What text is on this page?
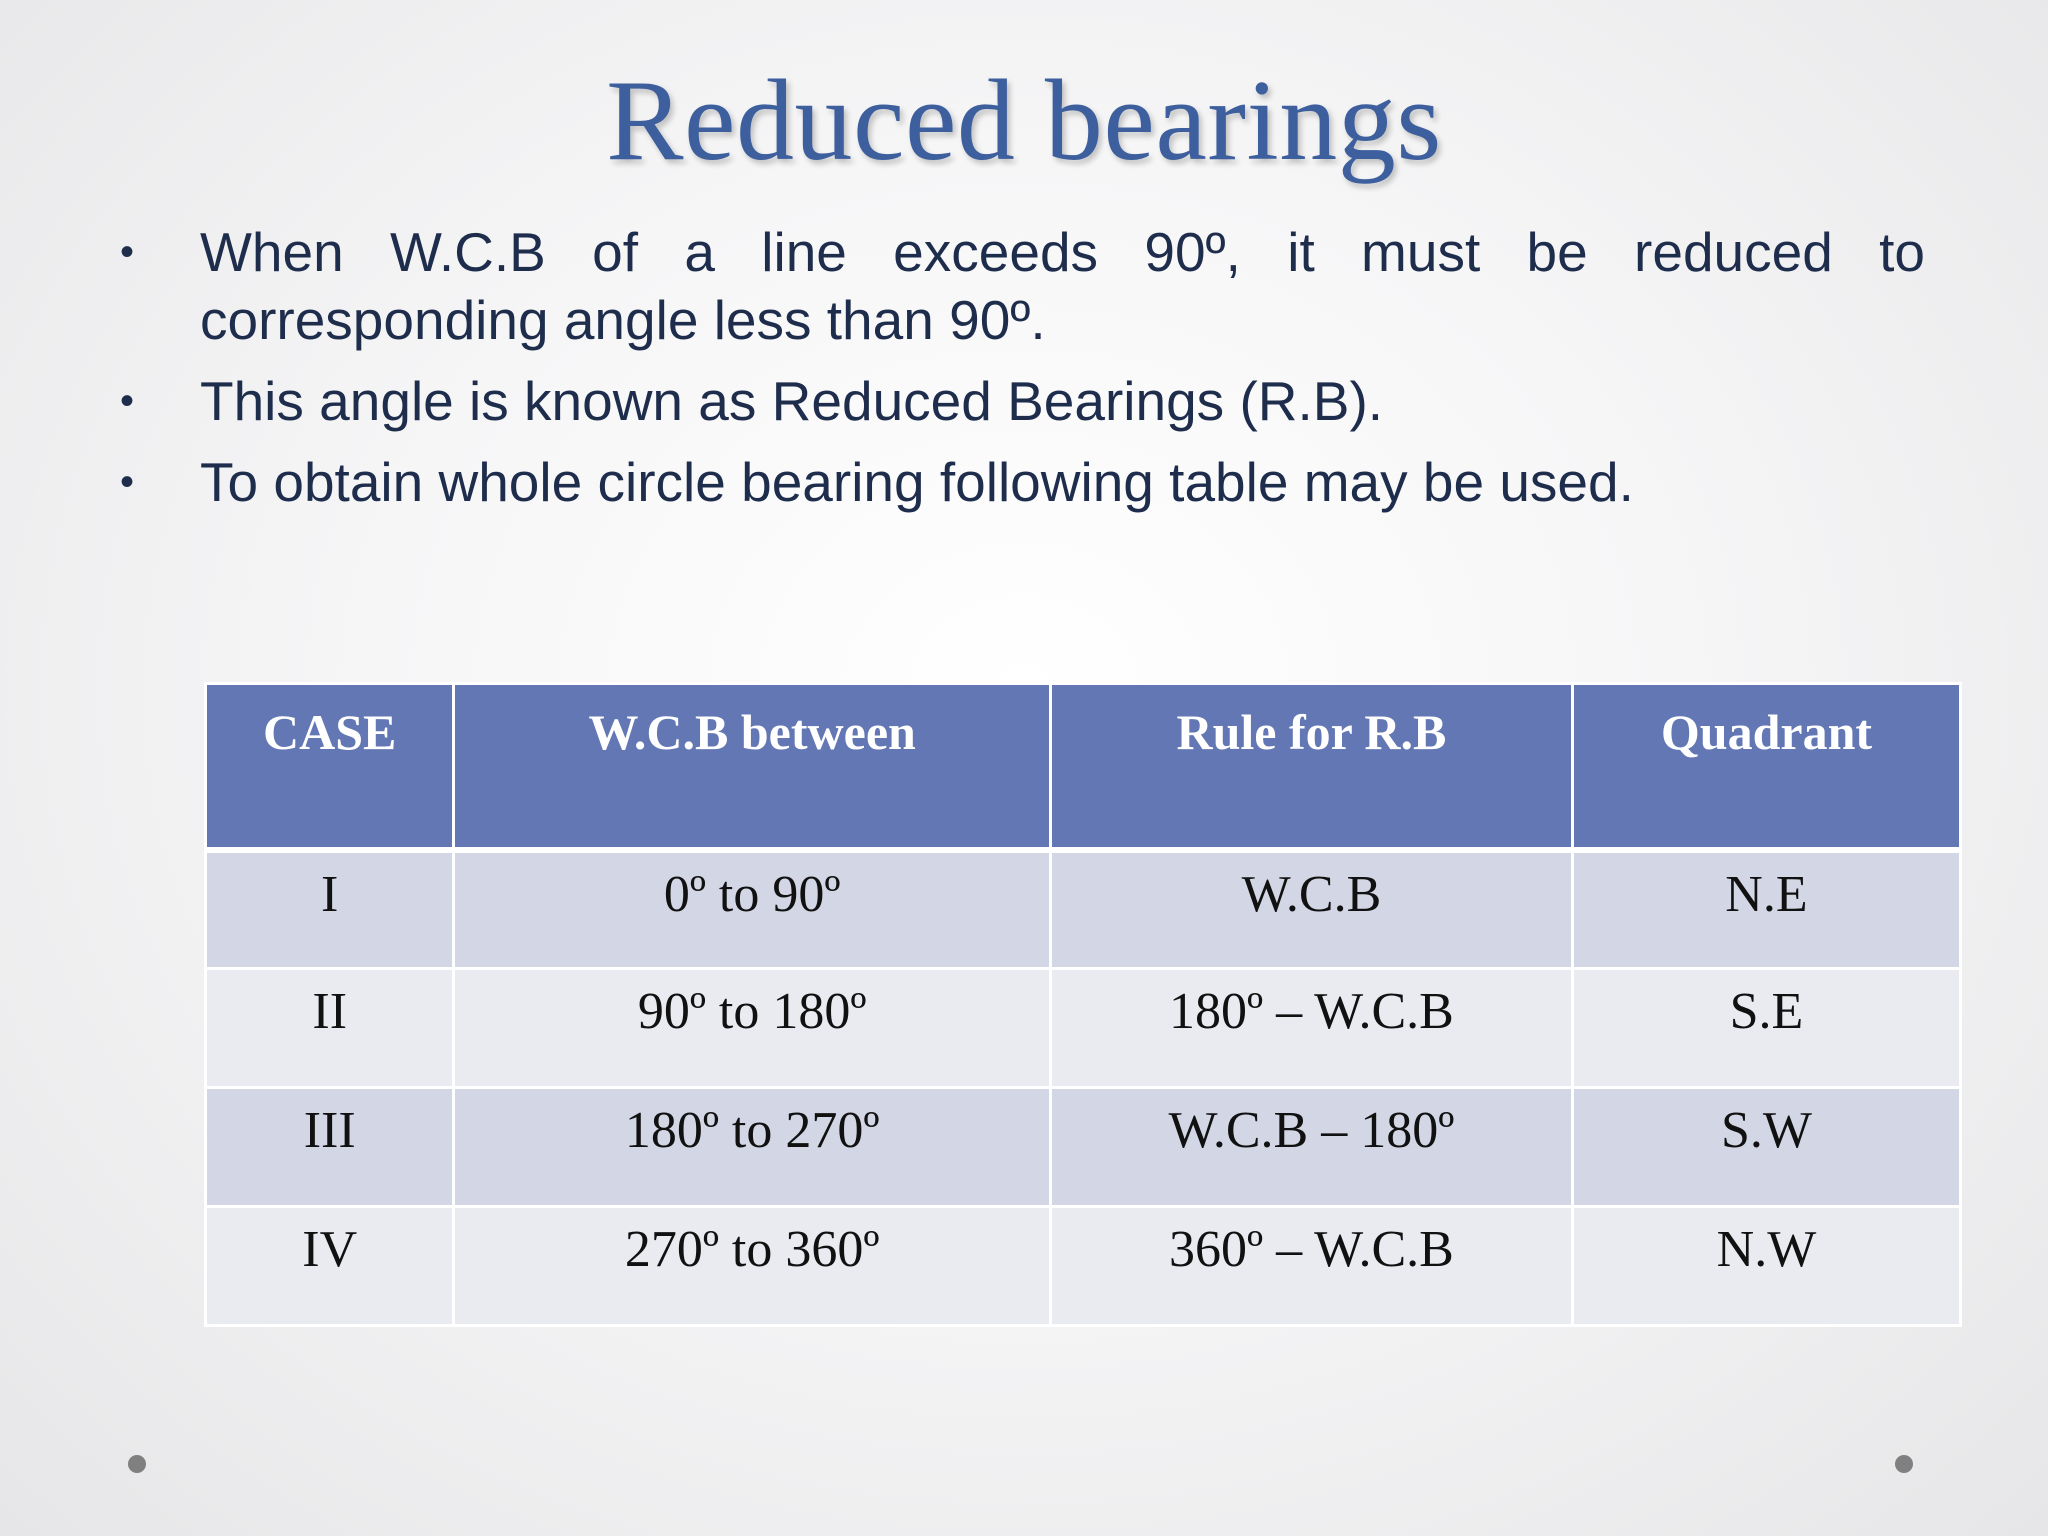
Reduced bearings
• When W.C.B of a line exceeds 90º, it must be reduced to corresponding angle less than 90º.
• This angle is known as Reduced Bearings (R.B).
• To obtain whole circle bearing following table may be used.
CASE	W.C.B between	Rule for R.B	Quadrant
I	0º to 90º	W.C.B	N.E
II	90º to 180º	180º – W.C.B	S.E
III	180º to 270º	W.C.B – 180º	S.W
IV	270º to 360º	360º – W.C.B	N.W
